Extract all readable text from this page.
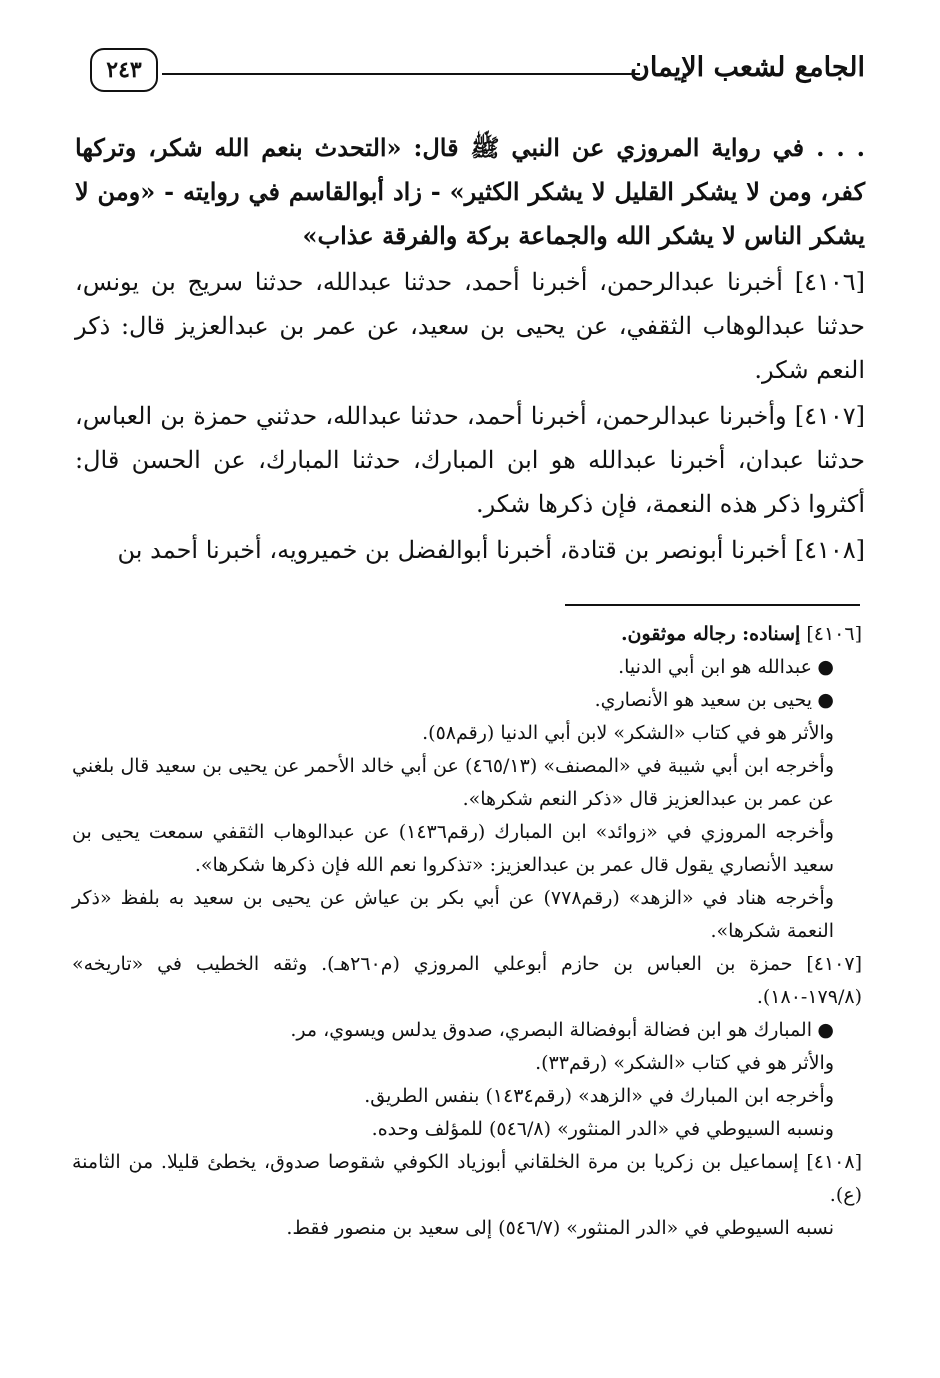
الجامع لشعب الإيمان
٢٤٣

. . . في رواية المروزي عن النبي ﷺ قال: «التحدث بنعم الله شكر، وتركها كفر، ومن لا يشكر القليل لا يشكر الكثير» - زاد أبوالقاسم في روايته - «ومن لا يشكر الناس لا يشكر الله والجماعة بركة والفرقة عذاب»

[٤١٠٦] أخبرنا عبدالرحمن، أخبرنا أحمد، حدثنا عبدالله، حدثنا سريج بن يونس، حدثنا عبدالوهاب الثقفي، عن يحيى بن سعيد، عن عمر بن عبدالعزيز قال: ذكر النعم شكر.

[٤١٠٧] وأخبرنا عبدالرحمن، أخبرنا أحمد، حدثنا عبدالله، حدثني حمزة بن العباس، حدثنا عبدان، أخبرنا عبدالله هو ابن المبارك، حدثنا المبارك، عن الحسن قال: أكثروا ذكر هذه النعمة، فإن ذكرها شكر.

[٤١٠٨] أخبرنا أبونصر بن قتادة، أخبرنا أبوالفضل بن خميرويه، أخبرنا أحمد بن

[٤١٠٦] إسناده: رجاله موثقون.

●عبدالله هو ابن أبي الدنيا.

●يحيى بن سعيد هو الأنصاري.

والأثر هو في كتاب «الشكر» لابن أبي الدنيا (رقم٥٨).

وأخرجه ابن أبي شيبة في «المصنف» (٤٦٥/١٣) عن أبي خالد الأحمر عن يحيى بن سعيد قال بلغني عن عمر بن عبدالعزيز قال «ذكر النعم شكرها».

وأخرجه المروزي في «زوائد» ابن المبارك (رقم١٤٣٦) عن عبدالوهاب الثقفي سمعت يحيى بن سعيد الأنصاري يقول قال عمر بن عبدالعزيز: «تذكروا نعم الله فإن ذكرها شكرها».

وأخرجه هناد في «الزهد» (رقم٧٧٨) عن أبي بكر بن عياش عن يحيى بن سعيد به بلفظ «ذكر النعمة شكرها».

[٤١٠٧] حمزة بن العباس بن حازم أبوعلي المروزي (م٢٦٠هـ). وثقه الخطيب في «تاريخه» (١٧٩/٨-١٨٠).

●المبارك هو ابن فضالة أبوفضالة البصري، صدوق يدلس ويسوي، مر.

والأثر هو في كتاب «الشكر» (رقم٣٣).

وأخرجه ابن المبارك في «الزهد» (رقم١٤٣٤) بنفس الطريق.

ونسبه السيوطي في «الدر المنثور» (٥٤٦/٨) للمؤلف وحده.

[٤١٠٨] إسماعيل بن زكريا بن مرة الخلقاني أبوزياد الكوفي شقوصا صدوق، يخطئ قليلا. من الثامنة (ع).

نسبه السيوطي في «الدر المنثور» (٥٤٦/٧) إلى سعيد بن منصور فقط.
